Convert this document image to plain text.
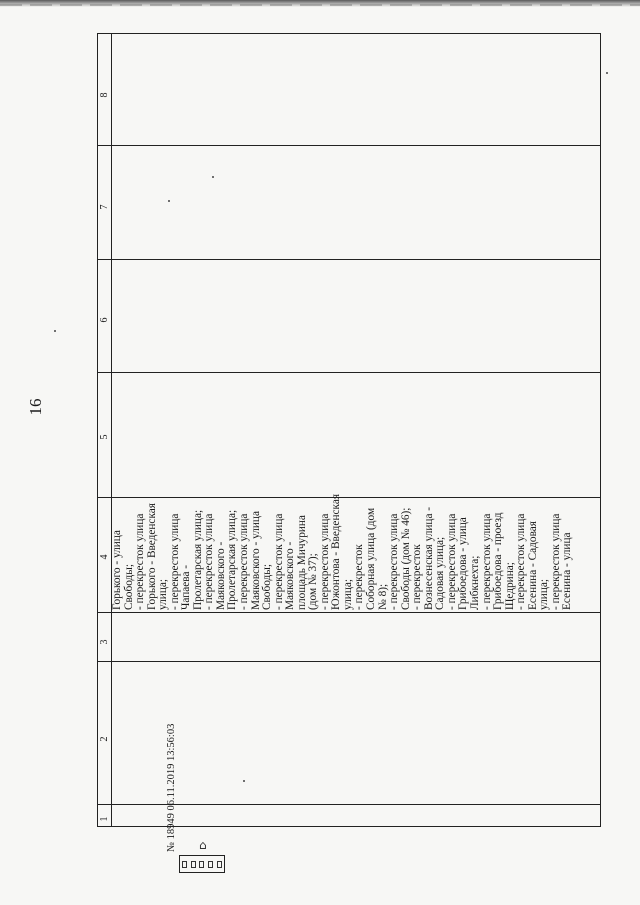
16
8
7
6
5
4
3
2
1
Горького - улица Свободы; - перекресток улица Горького - Введенская улица; - перекресток улица Чапаева - Пролетарская улица; - перекресток улица Маяковского - Пролетарская улица; - перекресток улица Маяковского - улица Свободы; - перекресток улица Маяковского - площадь Мичурина (дом № 37); - перекресток улица Южонтова - Введенская улица; - перекресток Соборная улица (дом № 8); - перекресток улица Свободы (дом № 46); - перекресток Вознесенская улица - Садовая улица; - перекресток улица Грибоедова - улица Либкнехта; - перекресток улица Грибоедова - проезд Щедрина; - перекресток улица Есенина - Садовая улица; - перекресток улица Есенина - улица
⌂
№ 18949 06.11.2019 13:56:03
